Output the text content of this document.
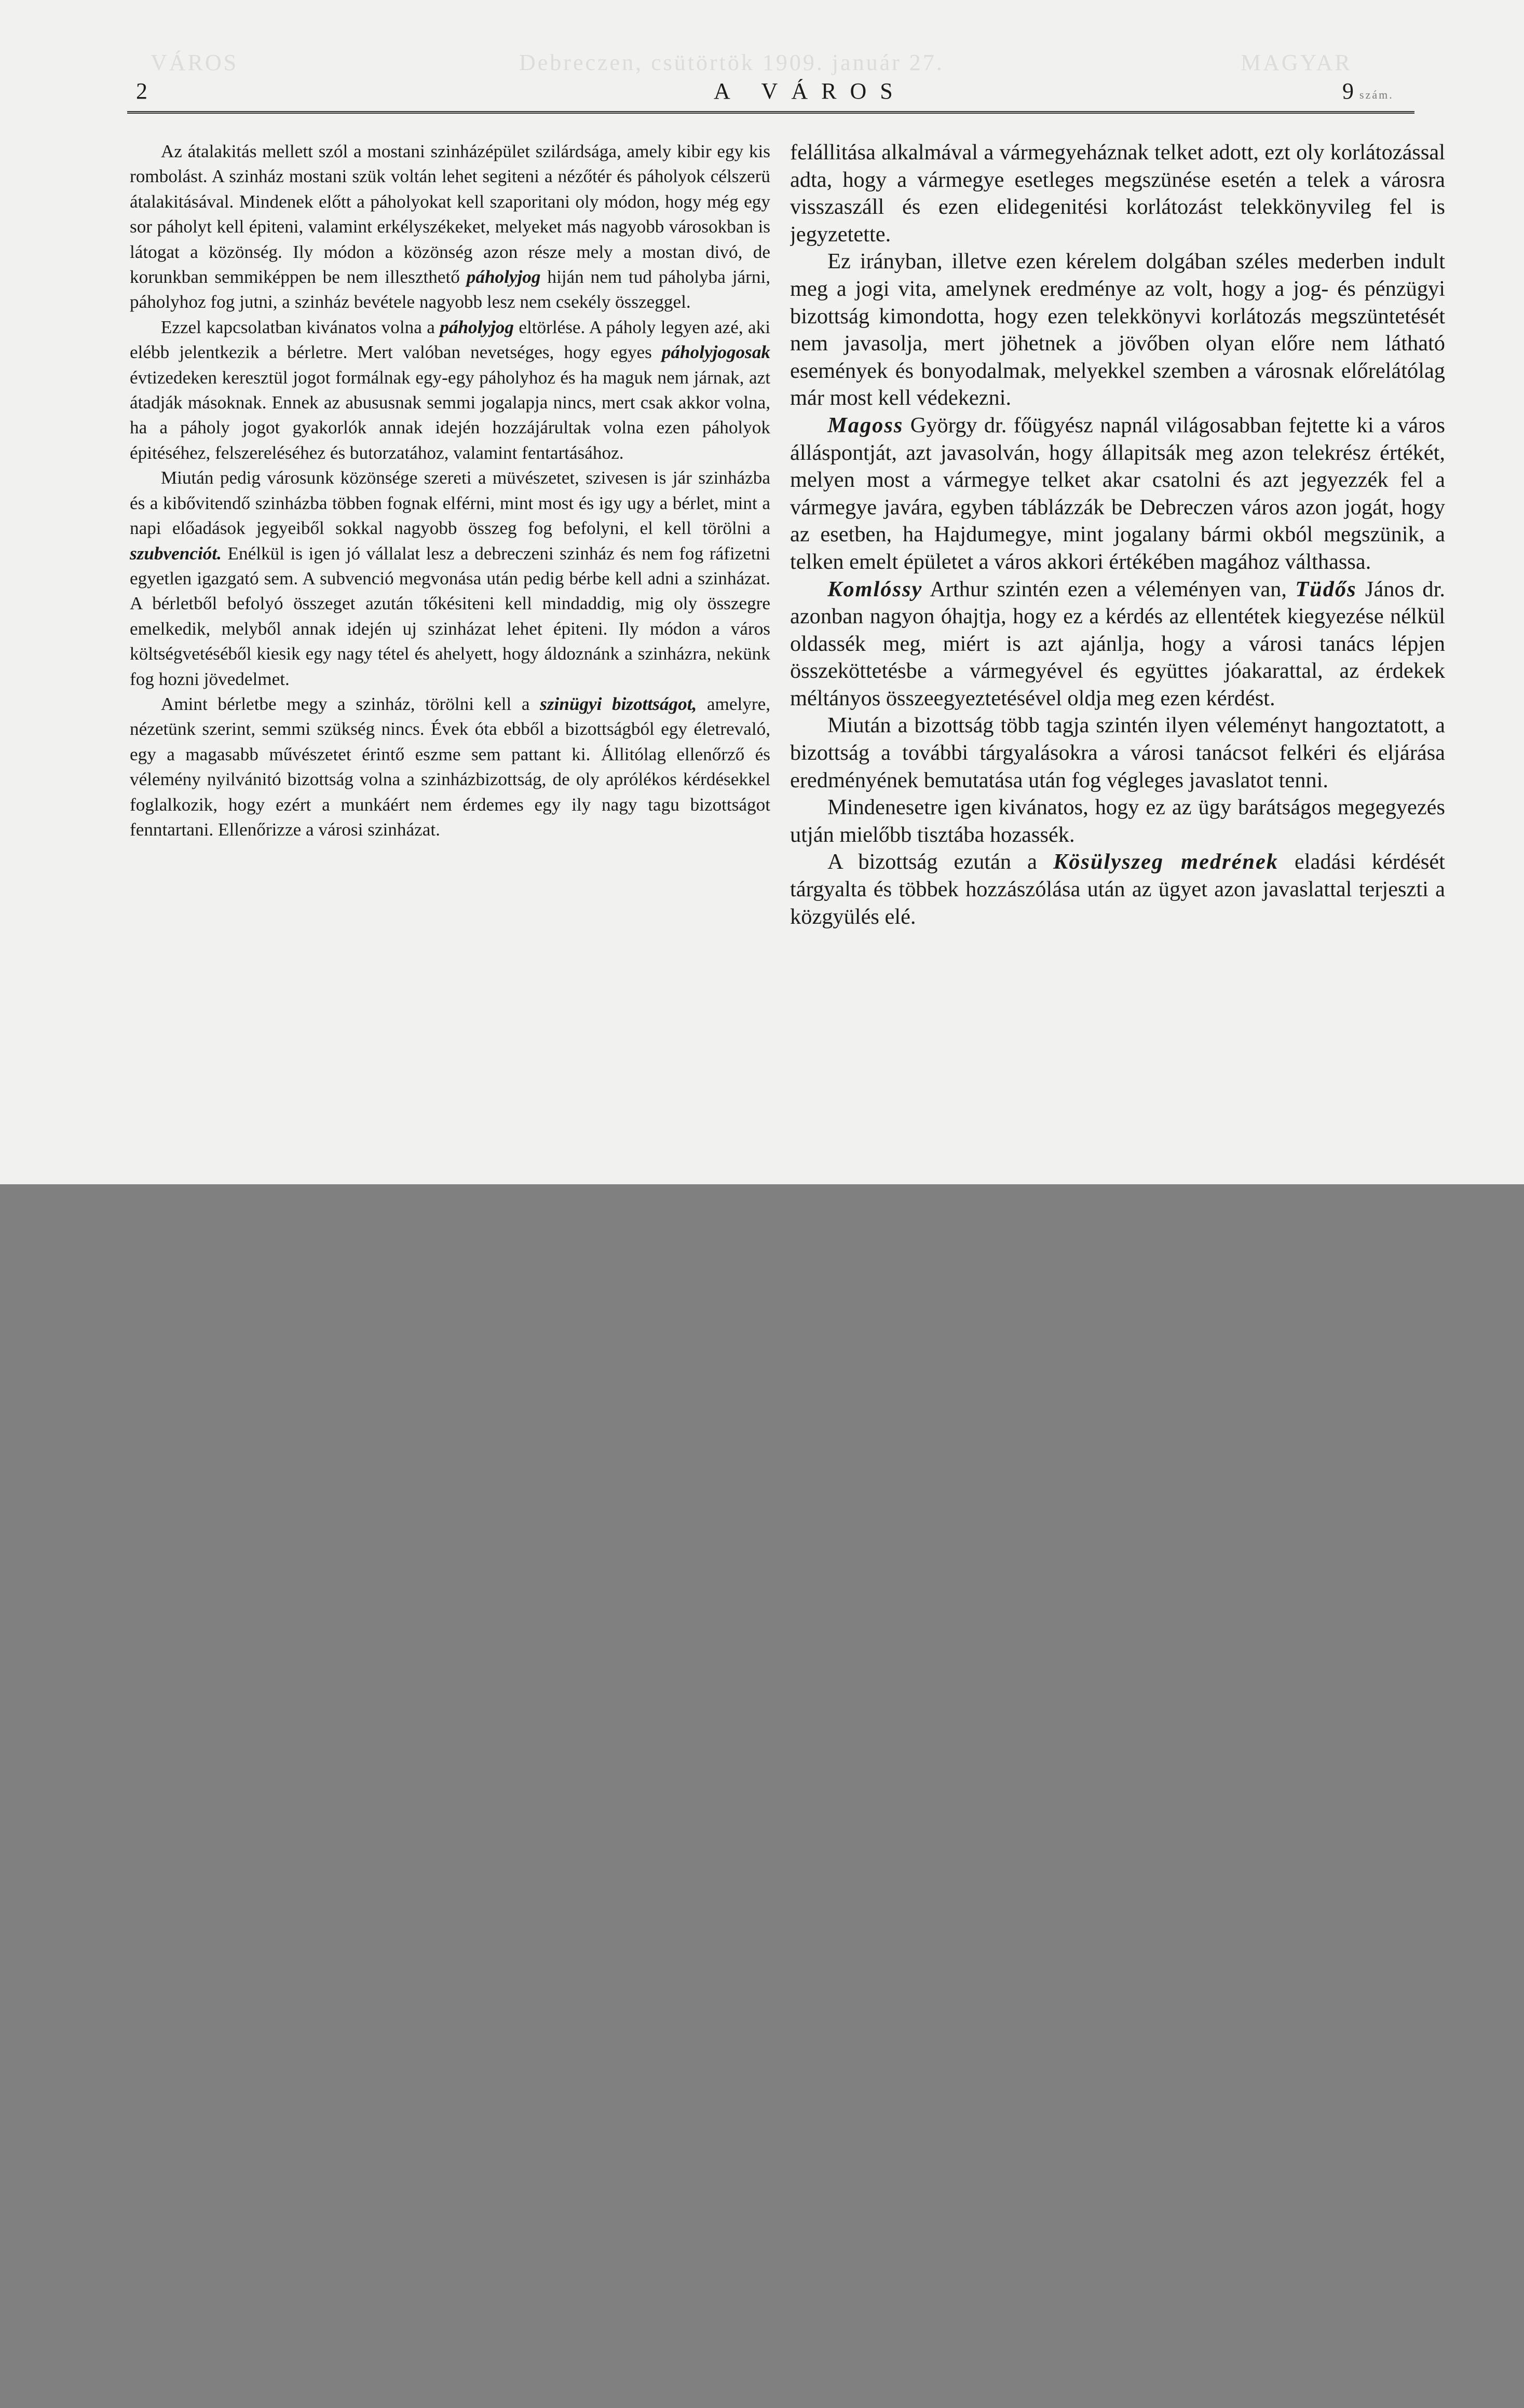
VÁROS	Debreczen, csütörtök 1909. január 27.	MAGYAR
2	A VÁROS	9 szám.

Az átalakitás mellett szól a mostani szinházépület szilárdsága, amely kibir egy kis rombolást. A szinház mostani szük voltán lehet segiteni a nézőtér és páholyok célszerü átalakitásával. Mindenek előtt a páholyokat kell szaporitani oly módon, hogy még egy sor páholyt kell épiteni, valamint erkélyszékeket, melyeket más nagyobb városokban is látogat a közönség. Ily módon a közönség azon része mely a mostan divó, de korunkban semmiképpen be nem illeszthető páholyjog hiján nem tud páholyba járni, páholyhoz fog jutni, a szinház bevétele nagyobb lesz nem csekély összeggel.

Ezzel kapcsolatban kivánatos volna a páholyjog eltörlése. A páholy legyen azé, aki elébb jelentkezik a bérletre. Mert valóban nevetséges, hogy egyes páholyjogosak évtizedeken keresztül jogot formálnak egy-egy páholyhoz és ha maguk nem járnak, azt átadják másoknak. Ennek az abususnak semmi jogalapja nincs, mert csak akkor volna, ha a páholy jogot gyakorlók annak idején hozzájárultak volna ezen páholyok épitéséhez, felszereléséhez és butorzatához, valamint fentartásához.

Miután pedig városunk közönsége szereti a müvészetet, szivesen is jár szinházba és a kibővitendő szinházba többen fognak elférni, mint most és igy ugy a bérlet, mint a napi előadások jegyeiből sokkal nagyobb összeg fog befolyni, el kell törölni a szubvenciót. Enélkül is igen jó vállalat lesz a debreczeni szinház és nem fog ráfizetni egyetlen igazgató sem. A subvenció megvonása után pedig bérbe kell adni a szinházat. A bérletből befolyó összeget azután tőkésiteni kell mindaddig, mig oly összegre emelkedik, melyből annak idején uj szinházat lehet épiteni. Ily módon a város költségvetéséből kiesik egy nagy tétel és ahelyett, hogy áldoznánk a szinházra, nekünk fog hozni jövedelmet.

Amint bérletbe megy a szinház, törölni kell a szinügyi bizottságot, amelyre, nézetünk szerint, semmi szükség nincs. Évek óta ebből a bizottságból egy életrevaló, egy a magasabb művészetet érintő eszme sem pattant ki. Állitólag ellenőrző és vélemény nyilvánitó bizottság volna a szinházbizottság, de oly aprólékos kérdésekkel foglalkozik, hogy ezért a munkáért nem érdemes egy ily nagy tagu bizottságot fenntartani. Ellenőrizze a városi szinházat.

felállitása alkalmával a vármegyeháznak telket adott, ezt oly korlátozással adta, hogy a vármegye esetleges megszünése esetén a telek a városra visszaszáll és ezen elidegenitési korlátozást telekkönyvileg fel is jegyzetette.

Ez irányban, illetve ezen kérelem dolgában széles mederben indult meg a jogi vita, amelynek eredménye az volt, hogy a jog- és pénzügyi bizottság kimondotta, hogy ezen telekkönyvi korlátozás megszüntetését nem javasolja, mert jöhetnek a jövőben olyan előre nem látható események és bonyodalmak, melyekkel szemben a városnak előrelátólag már most kell védekezni.

Magoss György dr. főügyész napnál világosabban fejtette ki a város álláspontját, azt javasolván, hogy állapitsák meg azon telekrész értékét, melyen most a vármegye telket akar csatolni és azt jegyezzék fel a vármegye javára, egyben táblázzák be Debreczen város azon jogát, hogy az esetben, ha Hajdumegye, mint jogalany bármi okból megszünik, a telken emelt épületet a város akkori értékében magához válthassa.

Komlóssy Arthur szintén ezen a véleményen van, Tüdős János dr. azonban nagyon óhajtja, hogy ez a kérdés az ellentétek kiegyezése nélkül oldassék meg, miért is azt ajánlja, hogy a városi tanács lépjen összeköttetésbe a vármegyével és együttes jóakarattal, az érdekek méltányos összeegyeztetésével oldja meg ezen kérdést.

Miután a bizottság több tagja szintén ilyen véleményt hangoztatott, a bizottság a további tárgyalásokra a városi tanácsot felkéri és eljárása eredményének bemutatása után fog végleges javaslatot tenni.

Mindenesetre igen kivánatos, hogy ez az ügy barátságos megegyezés utján mielőbb tisztába hozassék.

A bizottság ezután a Kösülyszeg medrének eladási kérdését tárgyalta és többek hozzászólása után az ügyet azon javaslattal terjeszti a közgyülés elé.
